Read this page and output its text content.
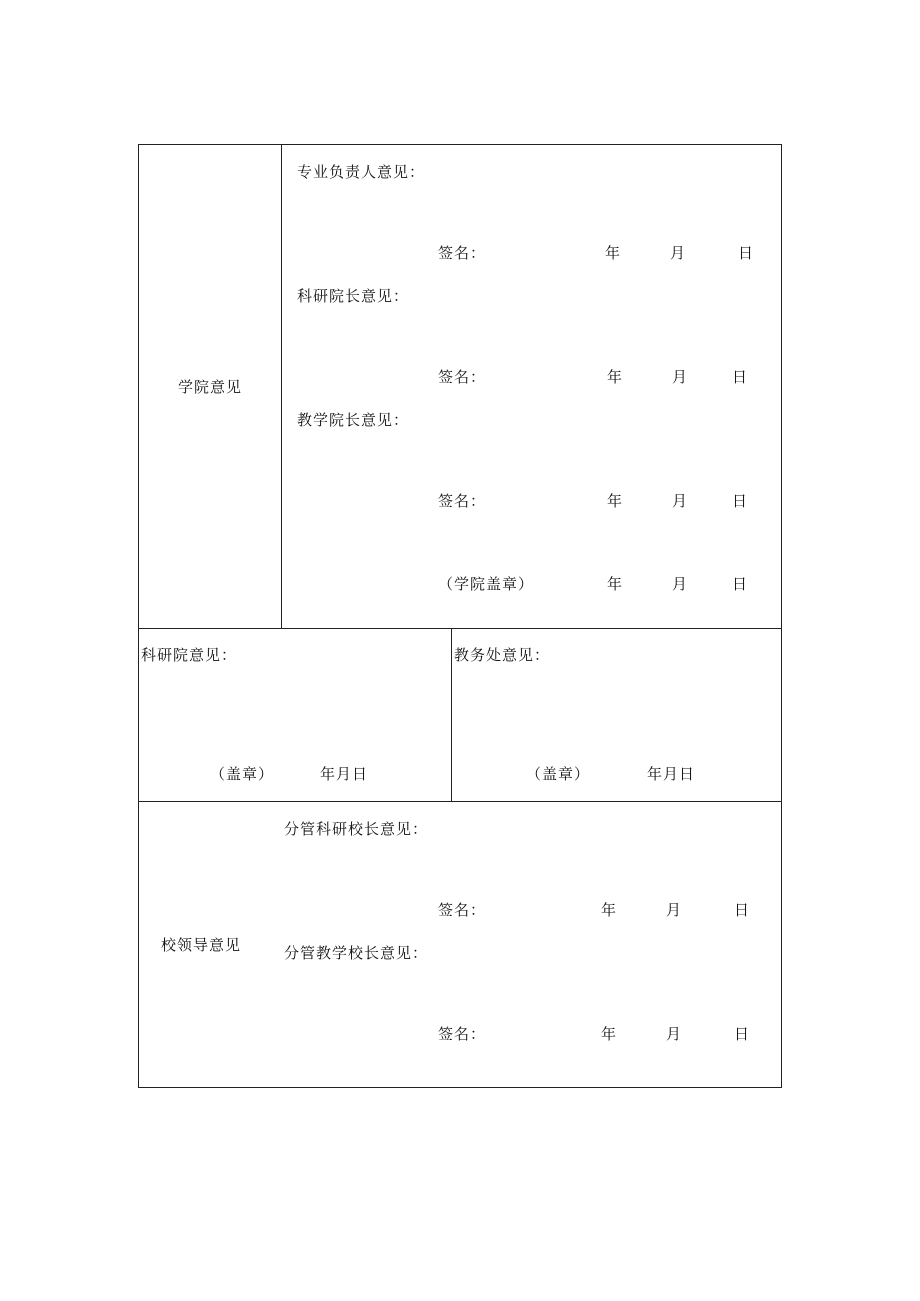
学院意见
专业负责人意见：
签名：	年	月	日
科研院长意见：
签名：	年	月	日
教学院长意见：
签名：	年	月	日
（学院盖章）	年	月	日
科研院意见：
（盖章）	年月日
教务处意见：
（盖章）	年月日
校领导意见
分管科研校长意见：
签名：	年	月	日
分管教学校长意见：
签名：	年	月	日
